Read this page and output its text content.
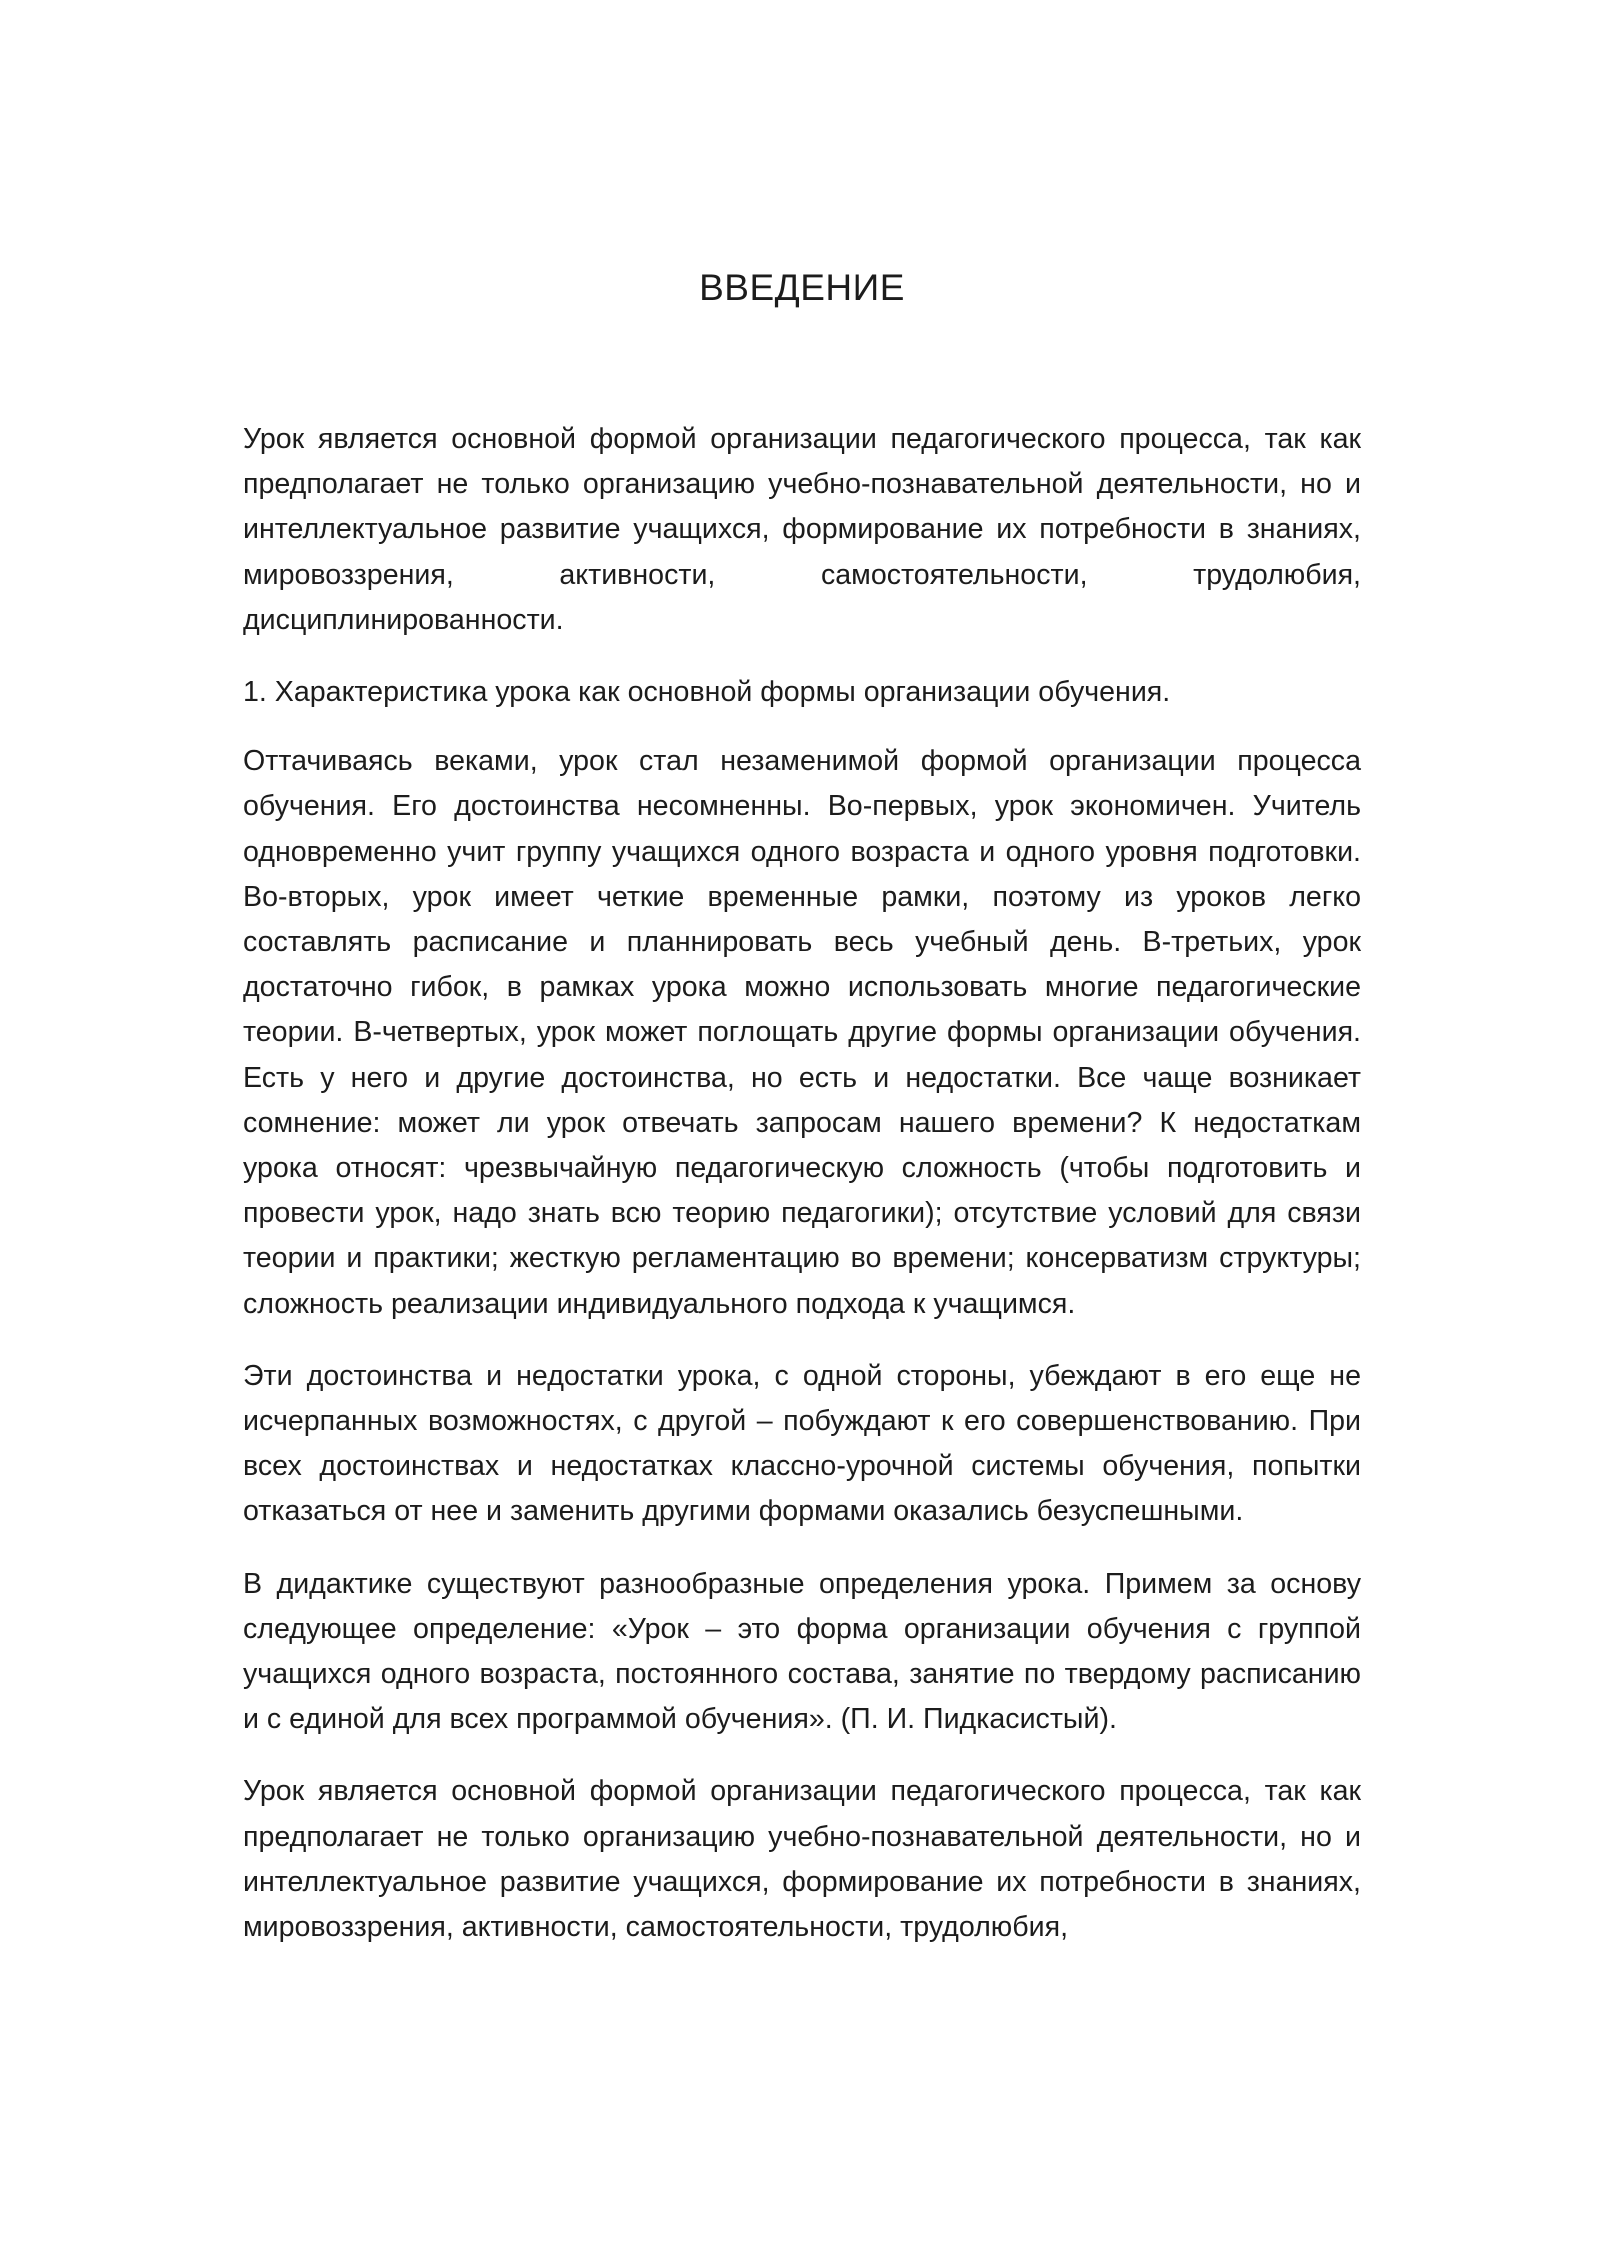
ВВЕДЕНИЕ

Урок является основной формой организации педагогического процесса, так как предполагает не только организацию учебно-познавательной деятельности, но и интеллектуальное развитие учащихся, формирование их потребности в знаниях, мировоззрения, активности, самостоятельности, трудолюбия, дисциплинированности.

1. Характеристика урока как основной формы организации обучения.

Оттачиваясь веками, урок стал незаменимой формой организации процесса обучения. Его достоинства несомненны. Во-первых, урок экономичен. Учитель одновременно учит группу учащихся одного возраста и одного уровня подготовки. Во-вторых, урок имеет четкие временные рамки, поэтому из уроков легко составлять расписание и планнировать весь учебный день. В-третьих, урок достаточно гибок, в рамках урока можно использовать многие педагогические теории. В-четвертых, урок может поглощать другие формы организации обучения. Есть у него и другие достоинства, но есть и недостатки. Все чаще возникает сомнение: может ли урок отвечать запросам нашего времени? К недостаткам урока относят: чрезвычайную педагогическую сложность (чтобы подготовить и провести урок, надо знать всю теорию педагогики); отсутствие условий для связи теории и практики; жесткую регламентацию во времени; консерватизм структуры; сложность реализации индивидуального подхода к учащимся.

Эти достоинства и недостатки урока, с одной стороны, убеждают в его еще не исчерпанных возможностях, с другой – побуждают к его совершенствованию. При всех достоинствах и недостатках классно-урочной системы обучения, попытки отказаться от нее и заменить другими формами оказались безуспешными.

В дидактике существуют разнообразные определения урока. Примем за основу следующее определение: «Урок – это форма организации обучения с группой учащихся одного возраста, постоянного состава, занятие по твердому расписанию и с единой для всех программой обучения». (П. И. Пидкасистый).

Урок является основной формой организации педагогического процесса, так как предполагает не только организацию учебно-познавательной деятельности, но и интеллектуальное развитие учащихся, формирование их потребности в знаниях, мировоззрения, активности, самостоятельности, трудолюбия,
